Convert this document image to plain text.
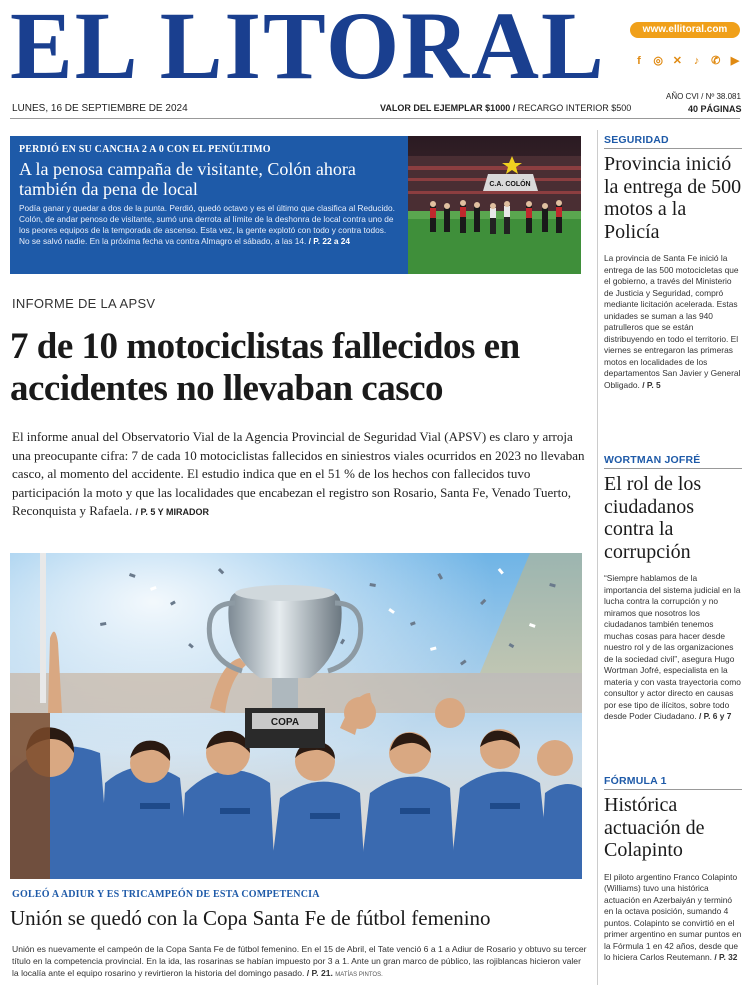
EL LITORAL	www.ellitoral.com
f	◎ ✕	♪	✆ ▶
LUNES, 16 DE SEPTIEMBRE DE 2024	VALOR DEL EJEMPLAR $1000 / RECARGO INTERIOR $500
AÑO CVI / Nº 38.081
40 PÁGINAS
PERDIÓ EN SU CANCHA 2 A 0 CON EL PENÚLTIMO
A la penosa campaña de visitante, Colón ahora también da pena de local
Podía ganar y quedar a dos de la punta. Perdió, quedó octavo y es el último que clasifica al Reducido. Colón, de andar penoso de visitante, sumó una derrota al límite de la deshonra de local contra uno de los peores equipos de la temporada de ascenso. Esta vez, la gente explotó con todo y contra todos. No se salvó nadie. En la próxima fecha va contra Almagro el sábado, a las 14. / P. 22 a 24
C.A. COLÓN
INFORME DE LA APSV
7 de 10 motociclistas fallecidos en accidentes no llevaban casco
El informe anual del Observatorio Vial de la Agencia Provincial de Seguridad Vial (APSV) es claro y arroja una preocupante cifra: 7 de cada 10 motociclistas fallecidos en siniestros viales ocurridos en 2023 no llevaban casco, al momento del accidente. El estudio indica que en el 51 % de los hechos con fallecidos tuvo participación la moto y que las localidades que encabezan el registro son Rosario, Santa Fe, Venado Tuerto, Reconquista y Rafaela. / P. 5 Y MIRADOR
COPA
GOLEÓ A ADIUR Y ES TRICAMPEÓN DE ESTA COMPETENCIA
Unión se quedó con la Copa Santa Fe de fútbol femenino
Unión es nuevamente el campeón de la Copa Santa Fe de fútbol femenino. En el 15 de Abril, el Tate venció 6 a 1 a Adiur de Rosario y obtuvo su tercer título en la competencia provincial. En la ida, las rosarinas se habían impuesto por 3 a 1. Ante un gran marco de público, las rojiblancas hicieron valer la localía ante el equipo rosarino y revirtieron la historia del domingo pasado. / P. 21. MATÍAS PINTOS.
SEGURIDAD
Provincia inició la entrega de 500 motos a la Policía
La provincia de Santa Fe inició la entrega de las 500 motocicletas que el gobierno, a través del Ministerio de Justicia y Seguridad, compró mediante licitación acelerada. Estas unidades se suman a las 940 patrulleros que se están distribuyendo en todo el territorio. El viernes se entregaron las primeras motos en localidades de los departamentos San Javier y General Obligado. / P. 5
WORTMAN JOFRÉ
El rol de los ciudadanos contra la corrupción
“Siempre hablamos de la importancia del sistema judicial en la lucha contra la corrupción y no miramos que nosotros los ciudadanos también tenemos muchas cosas para hacer desde nuestro rol y de las organizaciones de la sociedad civil”, asegura Hugo Wortman Jofré, especialista en la materia y con vasta trayectoria como consultor y actor directo en causas por ese tipo de ilícitos, sobre todo desde Poder Ciudadano. / P. 6 y 7
FÓRMULA 1
Histórica actuación de Colapinto
El piloto argentino Franco Colapinto (Williams) tuvo una histórica actuación en Azerbaiyán y terminó en la octava posición, sumando 4 puntos. Colapinto se convirtió en el primer argentino en sumar puntos en la Fórmula 1 en 42 años, desde que lo hiciera Carlos Reutemann. / P. 32
